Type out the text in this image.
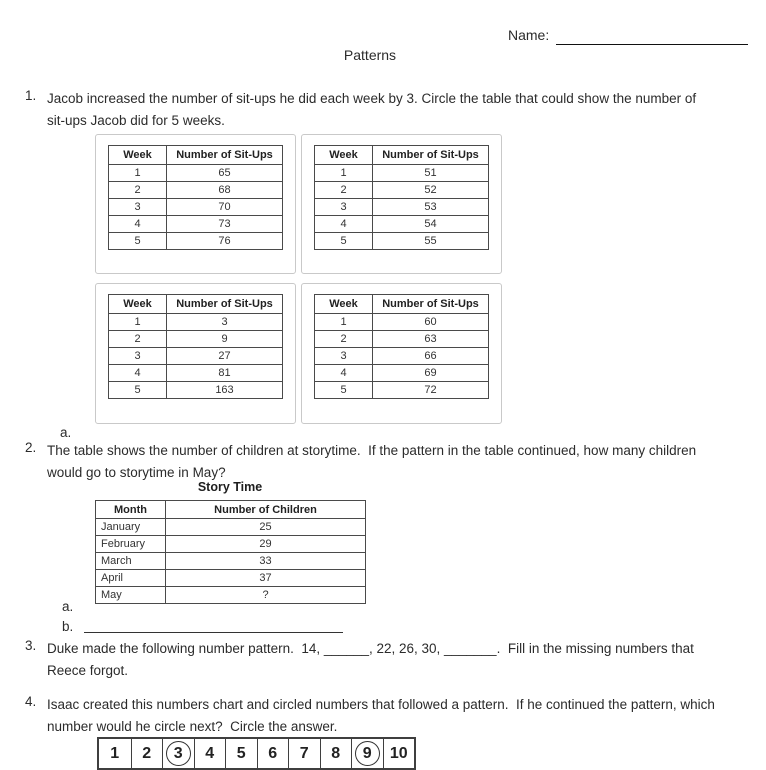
Name:
Patterns
1. Jacob increased the number of sit-ups he did each week by 3. Circle the table that could show the number of
sit-ups Jacob did for 5 weeks.
Week	Number of Sit-Ups
1	65
2	68
3	70
4	73
5	76
Week	Number of Sit-Ups
1	51
2	52
3	53
4	54
5	55
Week	Number of Sit-Ups
1	3
2	9
3	27
4	81
5	163
Week	Number of Sit-Ups
1	60
2	63
3	66
4	69
5	72
a.
2. The table shows the number of children at storytime.  If the pattern in the table continued, how many children
would go to storytime in May?
Story Time
Month	Number of Children
January	25
February	29
March	33
April	37
May	?
a.
b.
3. Duke made the following number pattern.  14, ______, 22, 26, 30, _______.  Fill in the missing numbers that
Reece forgot.
4. Isaac created this numbers chart and circled numbers that followed a pattern.  If he continued the pattern, which
number would he circle next?  Circle the answer.
1 2	3	4 5 6 7 8	9	10
